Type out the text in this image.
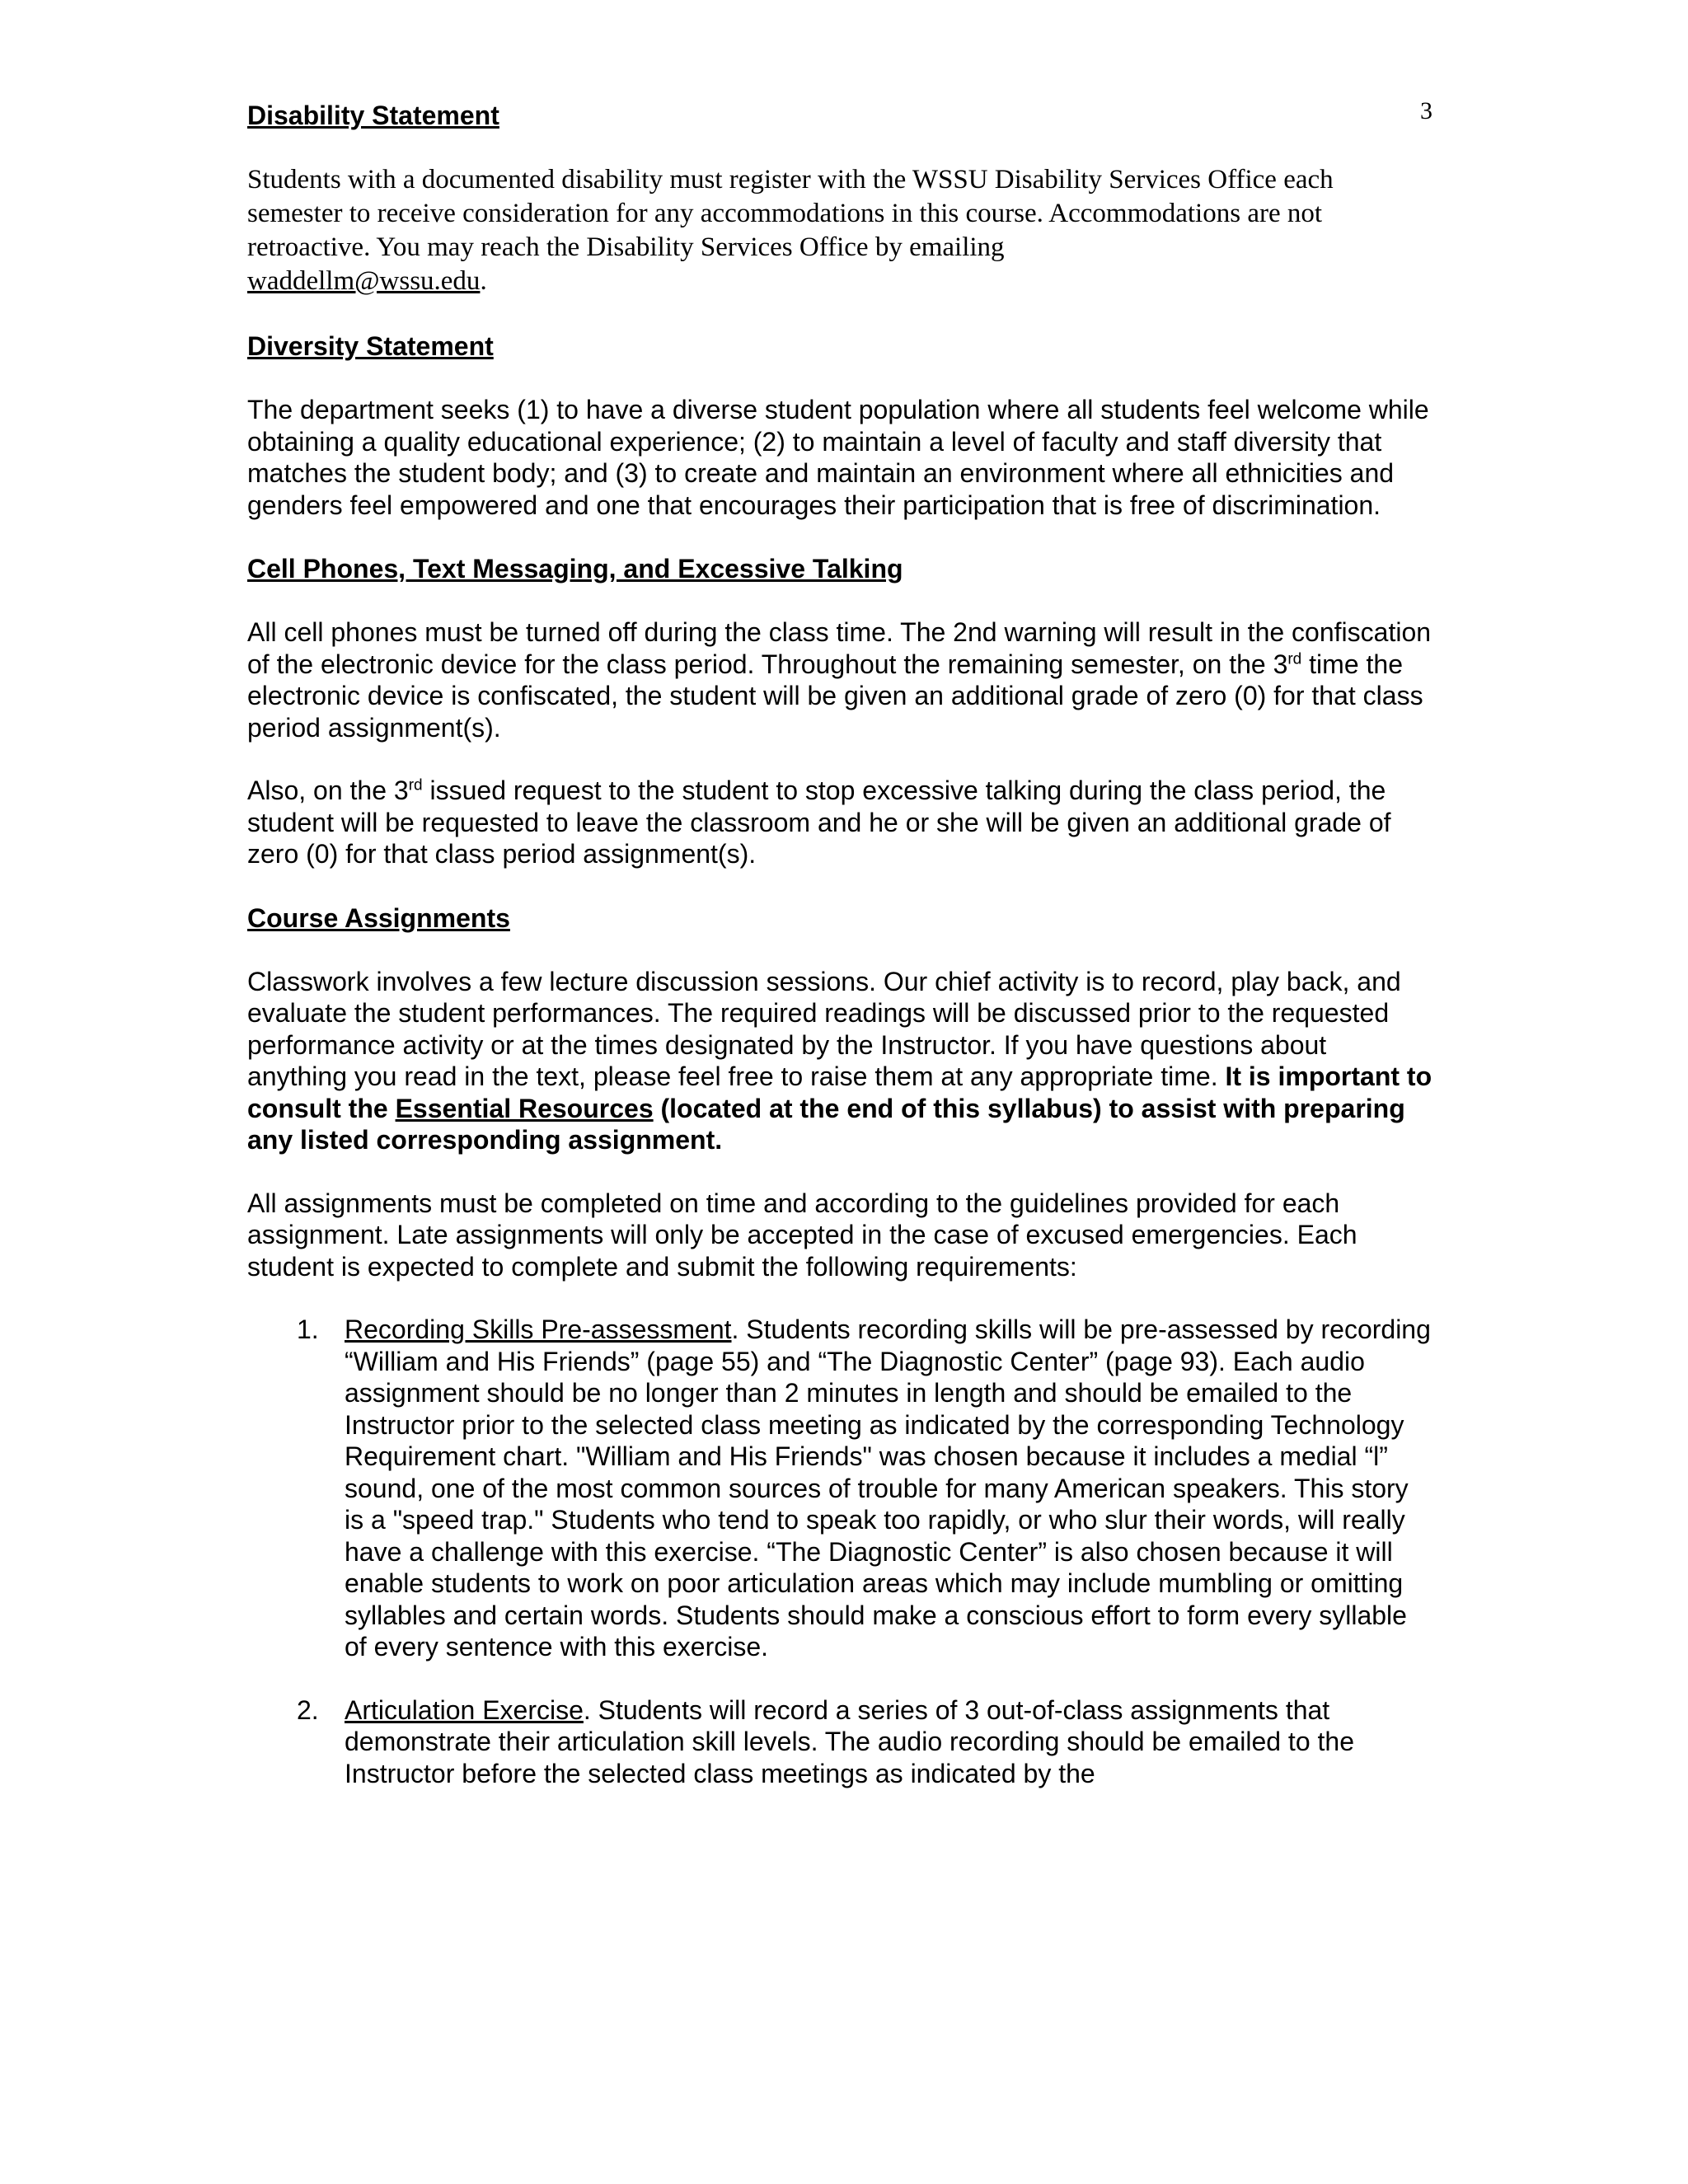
3
Disability Statement

Students with a documented disability must register with the WSSU Disability Services Office each semester to receive consideration for any accommodations in this course. Accommodations are not retroactive. You may reach the Disability Services Office by emailing
waddellm@wssu.edu.

Diversity Statement

The department seeks (1) to have a diverse student population where all students feel welcome while obtaining a quality educational experience; (2) to maintain a level of faculty and staff diversity that matches the student body; and (3) to create and maintain an environment where all ethnicities and genders feel empowered and one that encourages their participation that is free of discrimination.

Cell Phones, Text Messaging, and Excessive Talking

All cell phones must be turned off during the class time. The 2nd warning will result in the confiscation of the electronic device for the class period. Throughout the remaining semester, on the 3rd time the electronic device is confiscated, the student will be given an additional grade of zero (0) for that class period assignment(s).

Also, on the 3rd issued request to the student to stop excessive talking during the class period, the student will be requested to leave the classroom and he or she will be given an additional grade of zero (0) for that class period assignment(s).

Course Assignments

Classwork involves a few lecture discussion sessions. Our chief activity is to record, play back, and evaluate the student performances. The required readings will be discussed prior to the requested performance activity or at the times designated by the Instructor. If you have questions about anything you read in the text, please feel free to raise them at any appropriate time. It is important to consult the Essential Resources (located at the end of this syllabus) to assist with preparing any listed corresponding assignment.

All assignments must be completed on time and according to the guidelines provided for each assignment. Late assignments will only be accepted in the case of excused emergencies. Each student is expected to complete and submit the following requirements:

1. Recording Skills Pre-assessment. Students recording skills will be pre-assessed by recording “William and His Friends” (page 55) and “The Diagnostic Center” (page 93). Each audio assignment should be no longer than 2 minutes in length and should be emailed to the Instructor prior to the selected class meeting as indicated by the corresponding Technology Requirement chart. "William and His Friends" was chosen because it includes a medial “l” sound, one of the most common sources of trouble for many American speakers. This story is a "speed trap." Students who tend to speak too rapidly, or who slur their words, will really have a challenge with this exercise. “The Diagnostic Center” is also chosen because it will enable students to work on poor articulation areas which may include mumbling or omitting syllables and certain words. Students should make a conscious effort to form every syllable of every sentence with this exercise.
2. Articulation Exercise. Students will record a series of 3 out-of-class assignments that demonstrate their articulation skill levels. The audio recording should be emailed to the Instructor before the selected class meetings as indicated by the
